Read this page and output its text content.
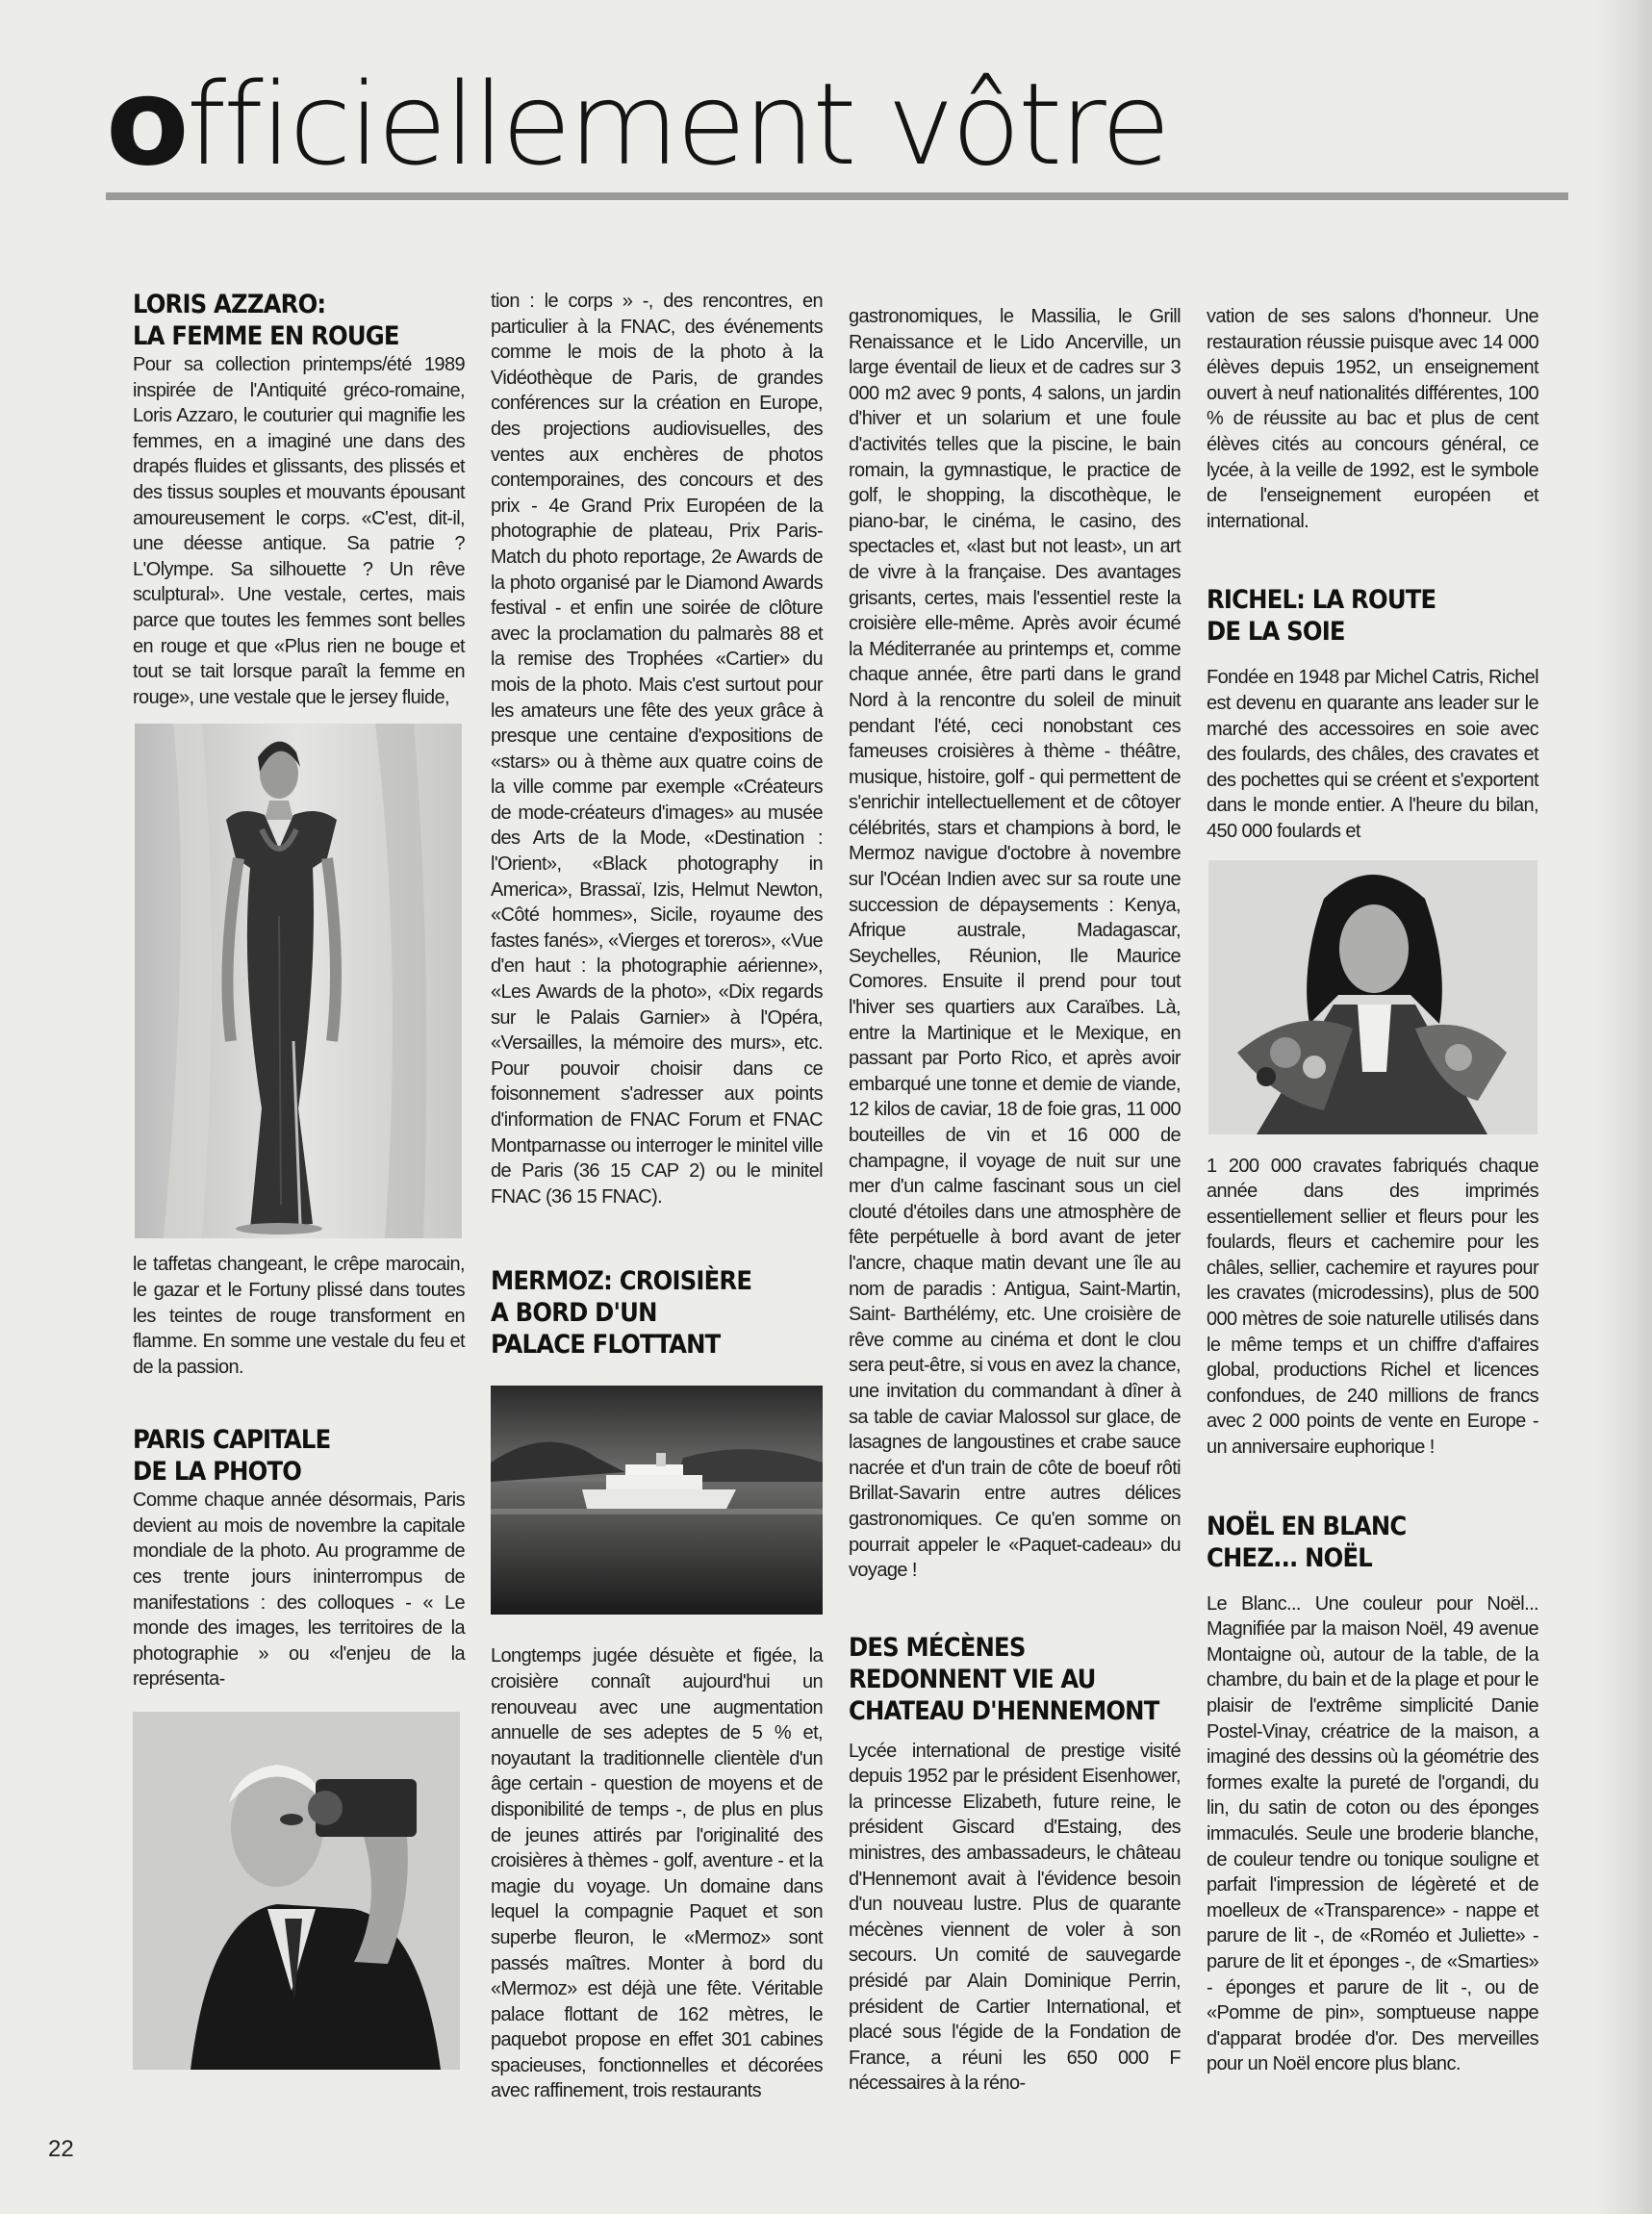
officiellement vôtre
LORIS AZZARO:
LA FEMME EN ROUGE

Pour sa collection printemps/été 1989 inspirée de l'Antiquité gréco-romaine, Loris Azzaro, le couturier qui magnifie les femmes, en a imaginé une dans des drapés fluides et glissants, des plissés et des tissus souples et mouvants épousant amoureusement le corps. «C'est, dit-il, une déesse antique. Sa patrie ? L'Olympe. Sa silhouette ? Un rêve sculptural». Une vestale, certes, mais parce que toutes les femmes sont belles en rouge et que «Plus rien ne bouge et tout se tait lorsque paraît la femme en rouge», une vestale que le jersey fluide,

le taffetas changeant, le crêpe marocain, le gazar et le Fortuny plissé dans toutes les teintes de rouge transforment en flamme. En somme une vestale du feu et de la passion.

PARIS CAPITALE
DE LA PHOTO

Comme chaque année désormais, Paris devient au mois de novembre la capitale mondiale de la photo. Au programme de ces trente jours ininterrompus de manifestations : des colloques - « Le monde des images, les territoires de la photographie » ou «l'enjeu de la représenta-

tion : le corps » -, des rencontres, en particulier à la FNAC, des événements comme le mois de la photo à la Vidéothèque de Paris, de grandes conférences sur la création en Europe, des projections audiovisuelles, des ventes aux enchères de photos contemporaines, des concours et des prix - 4e Grand Prix Européen de la photographie de plateau, Prix Paris-Match du photo reportage, 2e Awards de la photo organisé par le Diamond Awards festival - et enfin une soirée de clôture avec la proclamation du palmarès 88 et la remise des Trophées «Cartier» du mois de la photo. Mais c'est surtout pour les amateurs une fête des yeux grâce à presque une centaine d'expositions de «stars» ou à thème aux quatre coins de la ville comme par exemple «Créateurs de mode-créateurs d'images» au musée des Arts de la Mode, «Destination : l'Orient», «Black photography in America», Brassaï, Izis, Helmut Newton, «Côté hommes», Sicile, royaume des fastes fanés», «Vierges et toreros», «Vue d'en haut : la photographie aérienne», «Les Awards de la photo», «Dix regards sur le Palais Garnier» à l'Opéra, «Versailles, la mémoire des murs», etc. Pour pouvoir choisir dans ce foisonnement s'adresser aux points d'information de FNAC Forum et FNAC Montparnasse ou interroger le minitel ville de Paris (36 15 CAP 2) ou le minitel FNAC (36 15 FNAC).

MERMOZ: CROISIÈRE
A BORD D'UN
PALACE FLOTTANT

Longtemps jugée désuète et figée, la croisière connaît aujourd'hui un renouveau avec une augmentation annuelle de ses adeptes de 5 % et, noyautant la traditionnelle clientèle d'un âge certain - question de moyens et de disponibilité de temps -, de plus en plus de jeunes attirés par l'originalité des croisières à thèmes - golf, aventure - et la magie du voyage. Un domaine dans lequel la compagnie Paquet et son superbe fleuron, le «Mermoz» sont passés maîtres. Monter à bord du «Mermoz» est déjà une fête. Véritable palace flottant de 162 mètres, le paquebot propose en effet 301 cabines spacieuses, fonctionnelles et décorées avec raffinement, trois restaurants

gastronomiques, le Massilia, le Grill Renaissance et le Lido Ancerville, un large éventail de lieux et de cadres sur 3 000 m2 avec 9 ponts, 4 salons, un jardin d'hiver et un solarium et une foule d'activités telles que la piscine, le bain romain, la gymnastique, le practice de golf, le shopping, la discothèque, le piano-bar, le cinéma, le casino, des spectacles et, «last but not least», un art de vivre à la française. Des avantages grisants, certes, mais l'essentiel reste la croisière elle-même. Après avoir écumé la Méditerranée au printemps et, comme chaque année, être parti dans le grand Nord à la rencontre du soleil de minuit pendant l'été, ceci nonobstant ces fameuses croisières à thème - théâtre, musique, histoire, golf - qui permettent de s'enrichir intellectuellement et de côtoyer célébrités, stars et champions à bord, le Mermoz navigue d'octobre à novembre sur l'Océan Indien avec sur sa route une succession de dépaysements : Kenya, Afrique australe, Madagascar, Seychelles, Réunion, Ile Maurice Comores. Ensuite il prend pour tout l'hiver ses quartiers aux Caraïbes. Là, entre la Martinique et le Mexique, en passant par Porto Rico, et après avoir embarqué une tonne et demie de viande, 12 kilos de caviar, 18 de foie gras, 11 000 bouteilles de vin et 16 000 de champagne, il voyage de nuit sur une mer d'un calme fascinant sous un ciel clouté d'étoiles dans une atmosphère de fête perpétuelle à bord avant de jeter l'ancre, chaque matin devant une île au nom de paradis : Antigua, Saint-Martin, Saint- Barthélémy, etc. Une croisière de rêve comme au cinéma et dont le clou sera peut-être, si vous en avez la chance, une invitation du commandant à dîner à sa table de caviar Malossol sur glace, de lasagnes de langoustines et crabe sauce nacrée et d'un train de côte de boeuf rôti Brillat-Savarin entre autres délices gastronomiques. Ce qu'en somme on pourrait appeler le «Paquet-cadeau» du voyage !

DES MÉCÈNES
REDONNENT VIE AU
CHATEAU D'HENNEMONT

Lycée international de prestige visité depuis 1952 par le président Eisenhower, la princesse Elizabeth, future reine, le président Giscard d'Estaing, des ministres, des ambassadeurs, le château d'Hennemont avait à l'évidence besoin d'un nouveau lustre. Plus de quarante mécènes viennent de voler à son secours. Un comité de sauvegarde présidé par Alain Dominique Perrin, président de Cartier International, et placé sous l'égide de la Fondation de France, a réuni les 650 000 F nécessaires à la réno-

vation de ses salons d'honneur. Une restauration réussie puisque avec 14 000 élèves depuis 1952, un enseignement ouvert à neuf nationalités différentes, 100 % de réussite au bac et plus de cent élèves cités au concours général, ce lycée, à la veille de 1992, est le symbole de l'enseignement européen et international.

RICHEL: LA ROUTE
DE LA SOIE

Fondée en 1948 par Michel Catris, Richel est devenu en quarante ans leader sur le marché des accessoires en soie avec des foulards, des châles, des cravates et des pochettes qui se créent et s'exportent dans le monde entier. A l'heure du bilan, 450 000 foulards et

1 200 000 cravates fabriqués chaque année dans des imprimés essentiellement sellier et fleurs pour les foulards, fleurs et cachemire pour les châles, sellier, cachemire et rayures pour les cravates (microdessins), plus de 500 000 mètres de soie naturelle utilisés dans le même temps et un chiffre d'affaires global, productions Richel et licences confondues, de 240 millions de francs avec 2 000 points de vente en Europe - un anniversaire euphorique !

NOËL EN BLANC
CHEZ... NOËL

Le Blanc... Une couleur pour Noël... Magnifiée par la maison Noël, 49 avenue Montaigne où, autour de la table, de la chambre, du bain et de la plage et pour le plaisir de l'extrême simplicité Danie Postel-Vinay, créatrice de la maison, a imaginé des dessins où la géométrie des formes exalte la pureté de l'organdi, du lin, du satin de coton ou des éponges immaculés. Seule une broderie blanche, de couleur tendre ou tonique souligne et parfait l'impression de légèreté et de moelleux de «Transparence» - nappe et parure de lit -, de «Roméo et Juliette» - parure de lit et éponges -, de «Smarties» - éponges et parure de lit -, ou de «Pomme de pin», somptueuse nappe d'apparat brodée d'or. Des merveilles pour un Noël encore plus blanc.

22
